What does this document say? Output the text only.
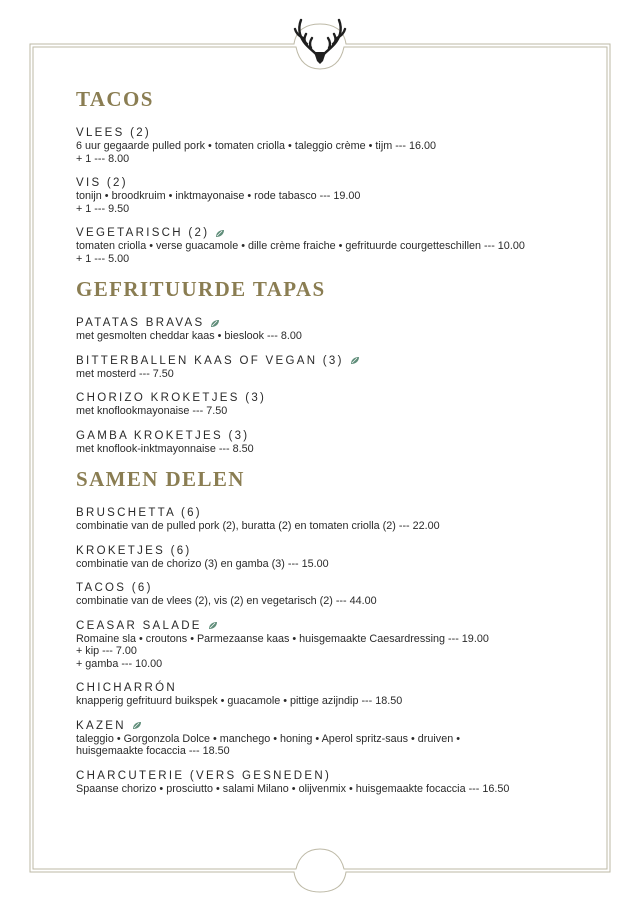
TACOS
VLEES (2)
6 uur gegaarde pulled pork • tomaten criolla • taleggio crème • tijm --- 16.00
+ 1 --- 8.00
VIS (2)
tonijn • broodkruim • inktmayonaise • rode tabasco --- 19.00
+ 1 --- 9.50
VEGETARISCH (2)
tomaten criolla • verse guacamole • dille crème fraiche • gefrituurde courgetteschillen --- 10.00
+ 1 --- 5.00
GEFRITUURDE TAPAS
PATATAS BRAVAS
met gesmolten cheddar kaas • bieslook --- 8.00
BITTERBALLEN KAAS OF VEGAN (3)
met mosterd --- 7.50
CHORIZO KROKETJES (3)
met knoflookmayonaise --- 7.50
GAMBA KROKETJES (3)
met knoflook-inktmayonnaise --- 8.50
SAMEN DELEN
BRUSCHETTA (6)
combinatie van de pulled pork (2), buratta (2) en tomaten criolla (2) --- 22.00
KROKETJES (6)
combinatie van de chorizo (3) en gamba (3) --- 15.00
TACOS (6)
combinatie van de vlees (2), vis (2) en vegetarisch (2) --- 44.00
CEASAR SALADE
Romaine sla • croutons • Parmezaanse kaas • huisgemaakte Caesardressing --- 19.00
+ kip --- 7.00
+ gamba --- 10.00
CHICHARRÓN
knapperig gefrituurd buikspek • guacamole • pittige azijndip --- 18.50
KAZEN
taleggio • Gorgonzola Dolce • manchego • honing • Aperol spritz-saus • druiven •
huisgemaakte focaccia --- 18.50
CHARCUTERIE (VERS GESNEDEN)
Spaanse chorizo • prosciutto • salami Milano • olijvenmix • huisgemaakte focaccia --- 16.50
